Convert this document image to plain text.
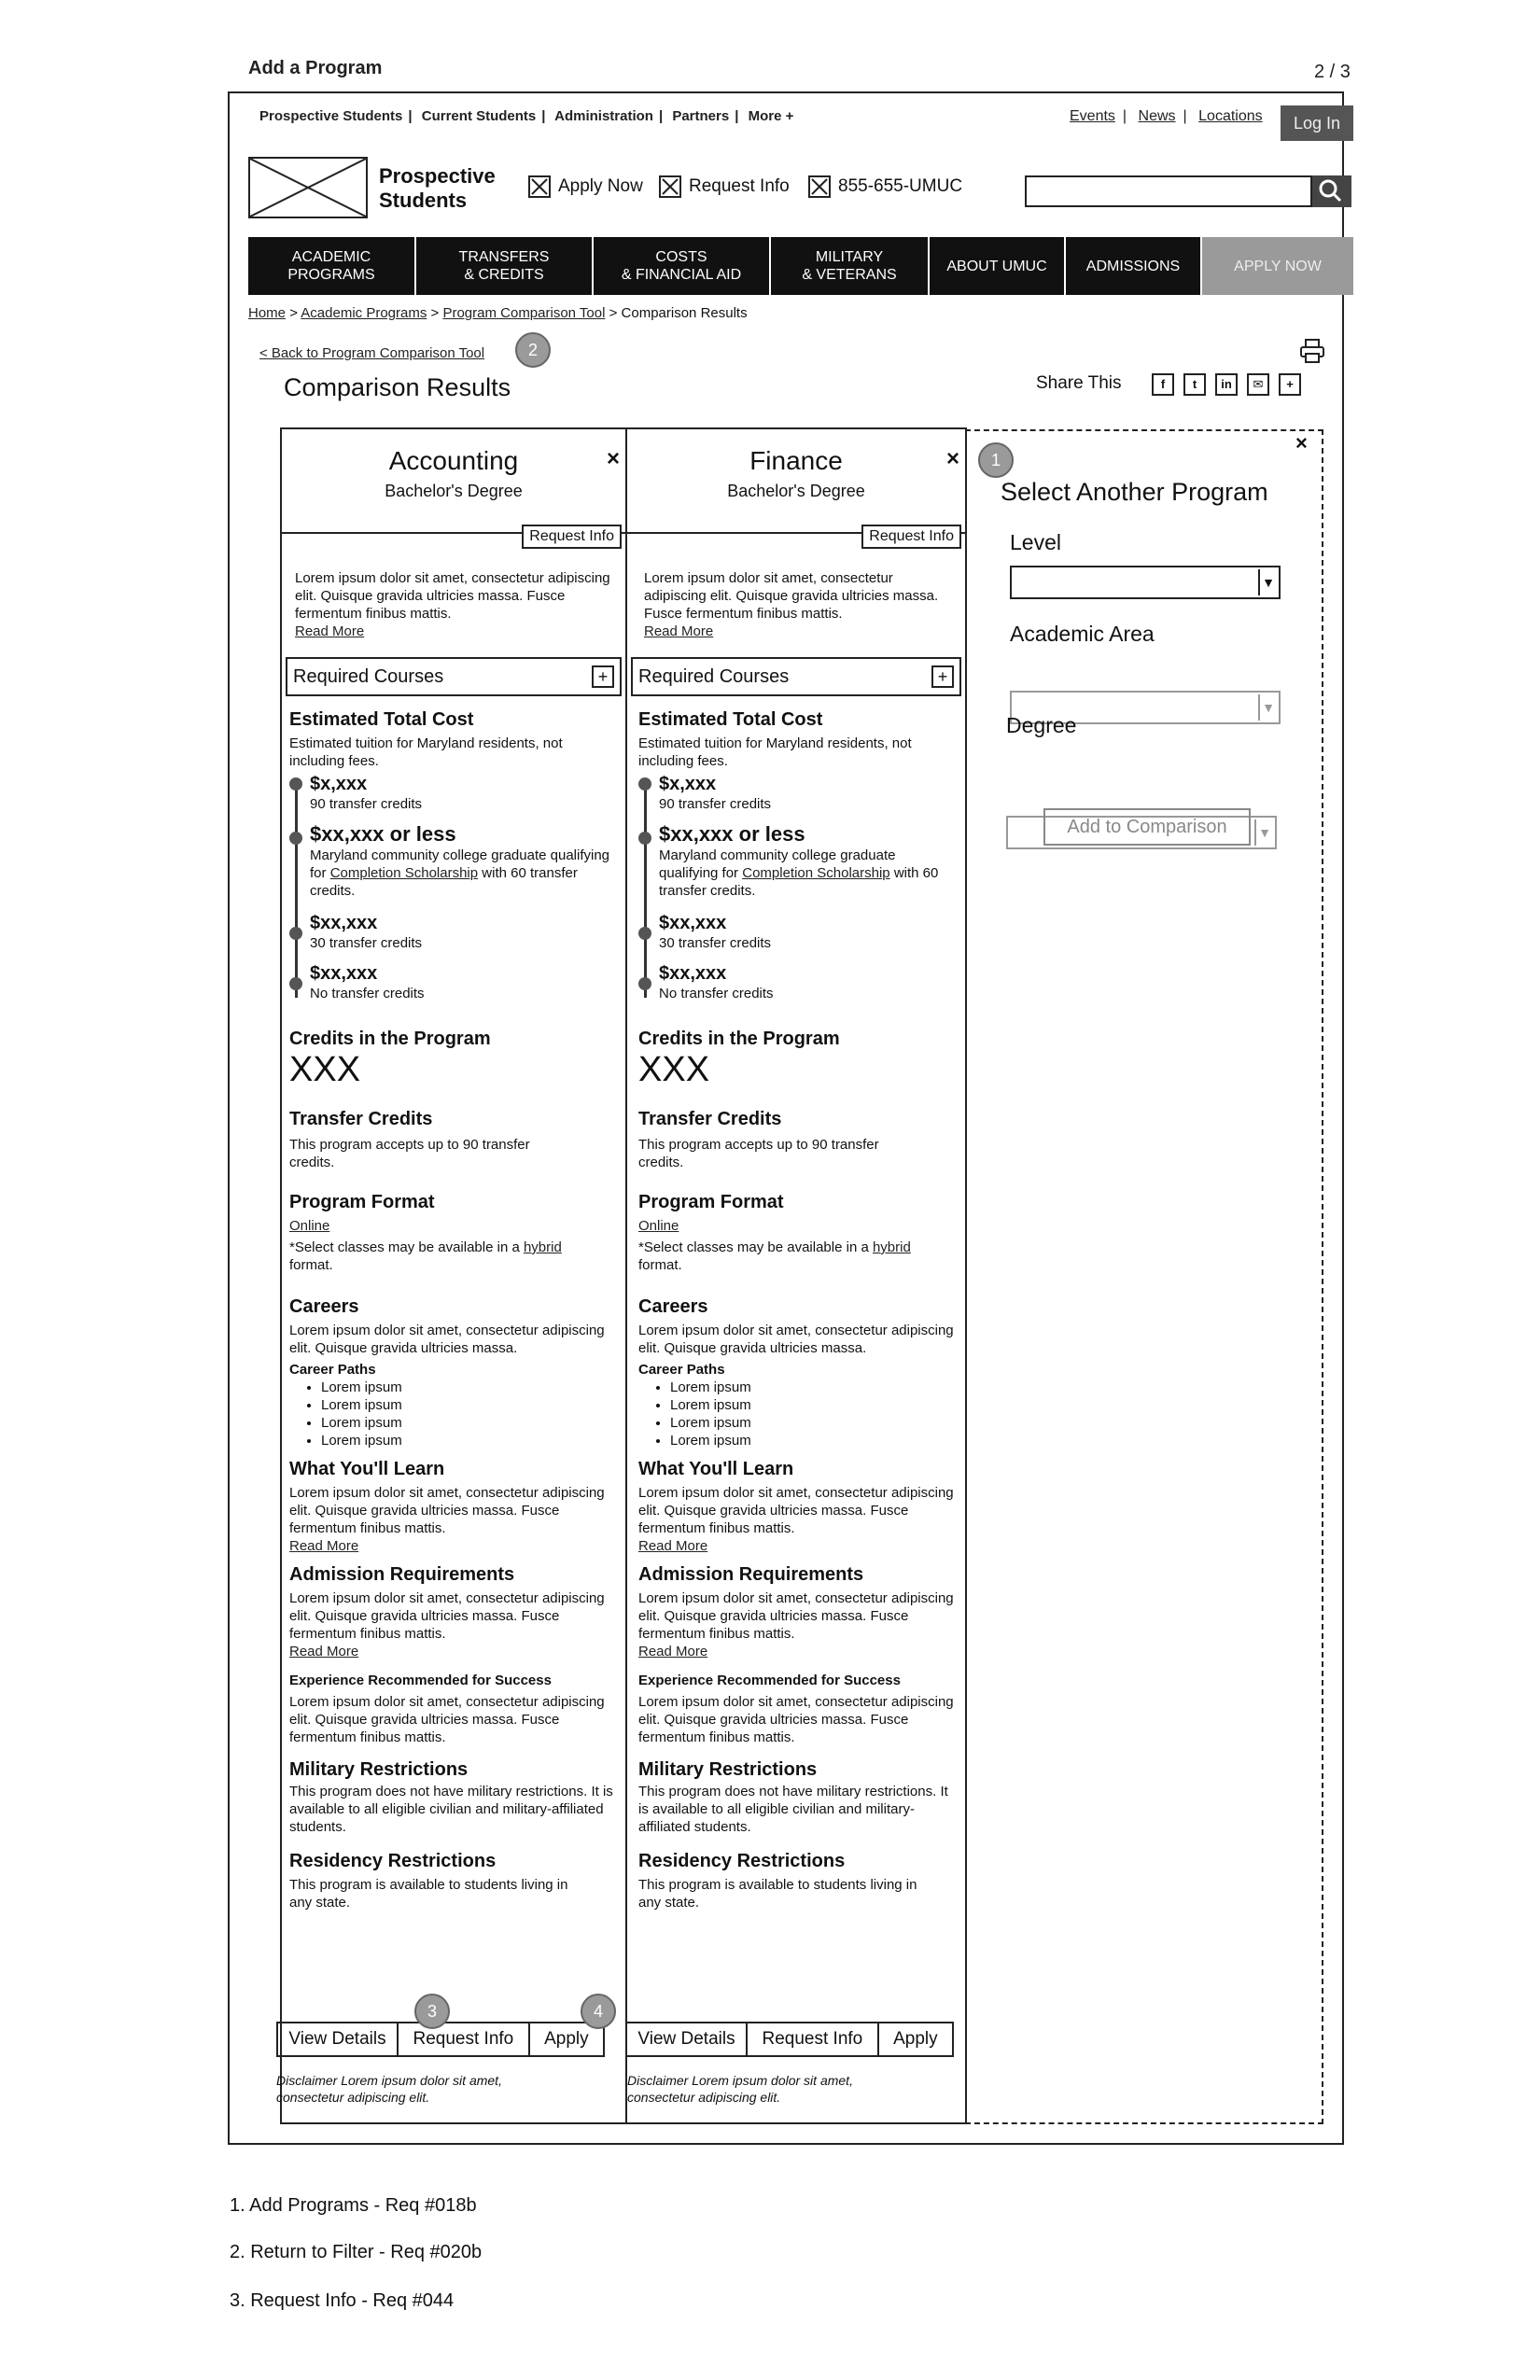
Add a Program	2 / 3
Prospective Students | Current Students | Administration | Partners | More +	Events | News | Locations	Log In
Prospective
Students
Apply Now	Request Info	855-655-UMUC
ACADEMIC
PROGRAMS
TRANSFERS
& CREDITS
COSTS
& FINANCIAL AID
MILITARY
& VETERANS
ABOUT UMUC	ADMISSIONS	APPLY NOW
Home > Academic Programs > Program Comparison Tool > Comparison Results
< Back to Program Comparison Tool	2
Comparison Results	Share This	f	t	in	✉	+
Accounting
Bachelor's Degree
×
Request Info
Lorem ipsum dolor sit amet, consectetur adipiscing elit. Quisque gravida ultricies massa. Fusce fermentum finibus mattis.
Read More
Required Courses	+
Estimated Total Cost
Estimated tuition for Maryland residents, not including fees.
$x,xxx
90 transfer credits
$xx,xxx or less
Maryland community college graduate qualifying for Completion Scholarship with 60 transfer credits.
$xx,xxx
30 transfer credits
$xx,xxx
No transfer credits
Credits in the Program
XXX
Transfer Credits
This program accepts up to 90 transfer credits.
Program Format
Online
*Select classes may be available in a hybrid format.
Careers
Lorem ipsum dolor sit amet, consectetur adipiscing elit. Quisque gravida ultricies massa.
Career Paths
• Lorem ipsum
• Lorem ipsum
• Lorem ipsum
• Lorem ipsum
What You'll Learn
Lorem ipsum dolor sit amet, consectetur adipiscing elit. Quisque gravida ultricies massa. Fusce fermentum finibus mattis.
Read More
Admission Requirements
Lorem ipsum dolor sit amet, consectetur adipiscing elit. Quisque gravida ultricies massa. Fusce fermentum finibus mattis.
Read More
Experience Recommended for Success
Lorem ipsum dolor sit amet, consectetur adipiscing elit. Quisque gravida ultricies massa. Fusce fermentum finibus mattis.
Military Restrictions
This program does not have military restrictions. It is available to all eligible civilian and military-affiliated students.
Residency Restrictions
This program is available to students living in any state.
View Details	Request Info	Apply
Disclaimer Lorem ipsum dolor sit amet, consectetur adipiscing elit.
Finance
Bachelor's Degree
×
Request Info
Lorem ipsum dolor sit amet, consectetur adipiscing elit. Quisque gravida ultricies massa. Fusce fermentum finibus mattis.
Read More
Required Courses	+
Estimated Total Cost
Estimated tuition for Maryland residents, not including fees.
$x,xxx
90 transfer credits
$xx,xxx or less
Maryland community college graduate qualifying for Completion Scholarship with 60 transfer credits.
$xx,xxx
30 transfer credits
$xx,xxx
No transfer credits
Credits in the Program
XXX
Transfer Credits
This program accepts up to 90 transfer credits.
Program Format
Online
*Select classes may be available in a hybrid format.
Careers
Lorem ipsum dolor sit amet, consectetur adipiscing elit. Quisque gravida ultricies massa.
Career Paths
• Lorem ipsum
• Lorem ipsum
• Lorem ipsum
• Lorem ipsum
What You'll Learn
Lorem ipsum dolor sit amet, consectetur adipiscing elit. Quisque gravida ultricies massa. Fusce fermentum finibus mattis.
Read More
Admission Requirements
Lorem ipsum dolor sit amet, consectetur adipiscing elit. Quisque gravida ultricies massa. Fusce fermentum finibus mattis.
Read More
Experience Recommended for Success
Lorem ipsum dolor sit amet, consectetur adipiscing elit. Quisque gravida ultricies massa. Fusce fermentum finibus mattis.
Military Restrictions
This program does not have military restrictions. It is available to all eligible civilian and military-affiliated students.
Residency Restrictions
This program is available to students living in any state.
View Details	Request Info	Apply
Disclaimer Lorem ipsum dolor sit amet, consectetur adipiscing elit.
3	4
×
1
Select Another Program
Level
▼
Academic Area
▼
Degree
▼
Add to Comparison
1. Add Programs - Req #018b
2. Return to Filter - Req #020b
3. Request Info - Req #044
